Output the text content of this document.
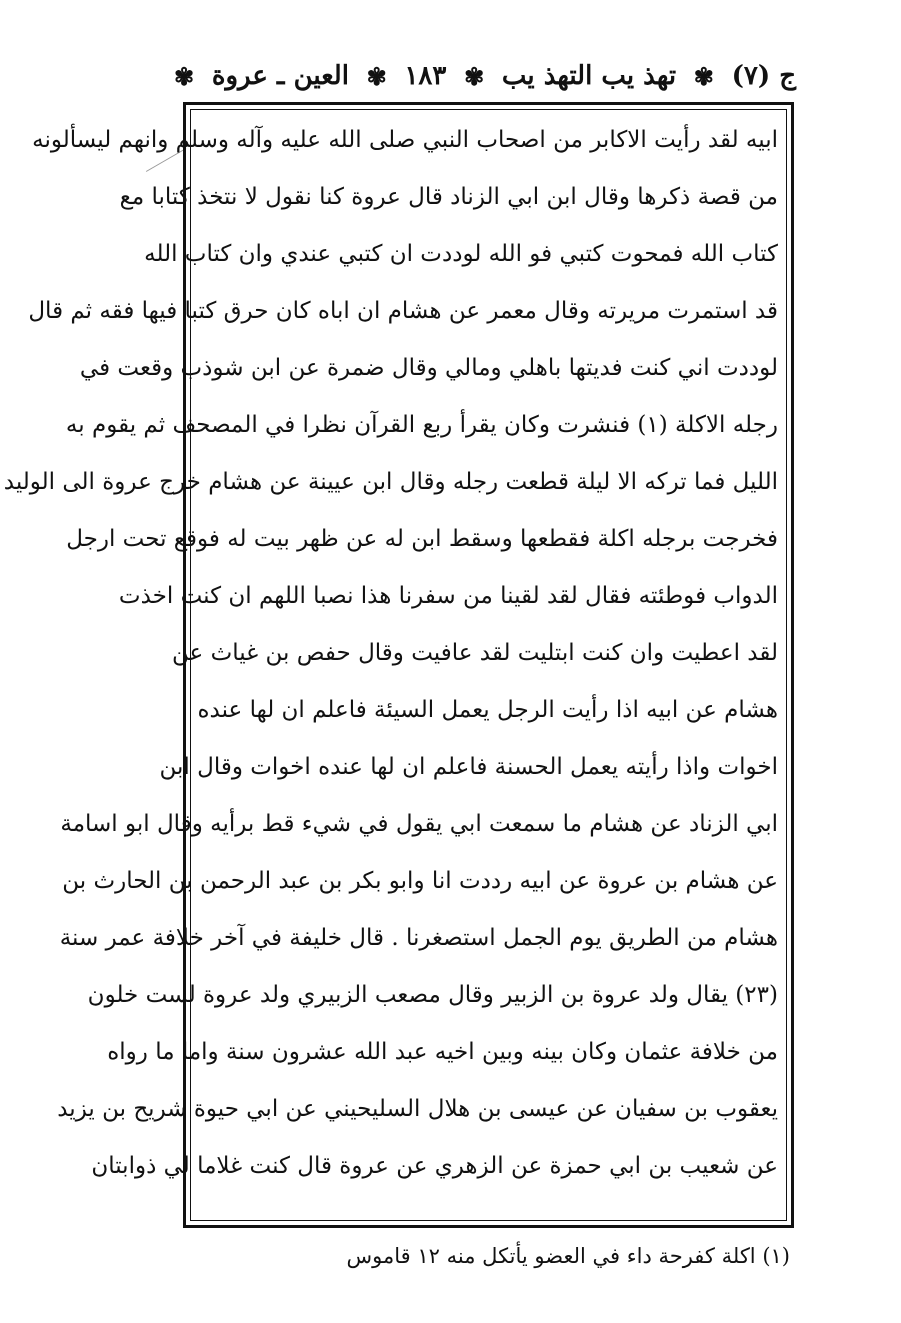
ج (٧)
✾
تهذ يب التهذ يب
✾
١٨٣
✾
العين ـ عروة
✾
ابيه لقد رأيت الاكابر من اصحاب النبي صلى الله عليه وآله وسلم وانهم ليسألونه
من قصة ذكرها وقال ابن ابي الزناد قال عروة كنا نقول لا نتخذ كتابا مع
كتاب الله فمحوت كتبي فو الله لوددت ان كتبي عندي وان كتاب الله
قد استمرت مريرته وقال معمر عن هشام ان اباه كان حرق كتبا فيها فقه ثم قال
لوددت اني كنت فديتها باهلي ومالي وقال ضمرة عن ابن شوذب وقعت في
رجله الاكلة (١) فنشرت وكان يقرأ ربع القرآن نظرا في المصحف ثم يقوم به
الليل فما تركه الا ليلة قطعت رجله وقال ابن عيينة عن هشام خرج عروة الى الوليد
فخرجت برجله اكلة فقطعها وسقط ابن له عن ظهر بيت له فوقع تحت ارجل
الدواب فوطئته فقال لقد لقينا من سفرنا هذا نصبا اللهم ان كنت اخذت
لقد اعطيت وان كنت ابتليت لقد عافيت وقال حفص بن غياث عن
هشام عن ابيه اذا رأيت الرجل يعمل السيئة فاعلم ان لها عنده
اخوات واذا رأيته يعمل الحسنة فاعلم ان لها عنده اخوات وقال ابن
ابي الزناد عن هشام ما سمعت ابي يقول في شيء قط برأيه وقال ابو اسامة
عن هشام بن عروة عن ابيه رددت انا وابو بكر بن عبد الرحمن بن الحارث بن
هشام من الطريق يوم الجمل استصغرنا . قال خليفة في آخر خلافة عمر سنة
(٢٣) يقال ولد عروة بن الزبير وقال مصعب الزبيري ولد عروة لست خلون
من خلافة عثمان وكان بينه وبين اخيه عبد الله عشرون سنة واما ما رواه
يعقوب بن سفيان عن عيسى بن هلال السليحيني عن ابي حيوة شريح بن يزيد
عن شعيب بن ابي حمزة عن الزهري عن عروة قال كنت غلاما لي ذوابتان
(١) اكلة كفرحة داء في العضو يأتكل منه ١٢ قاموس
